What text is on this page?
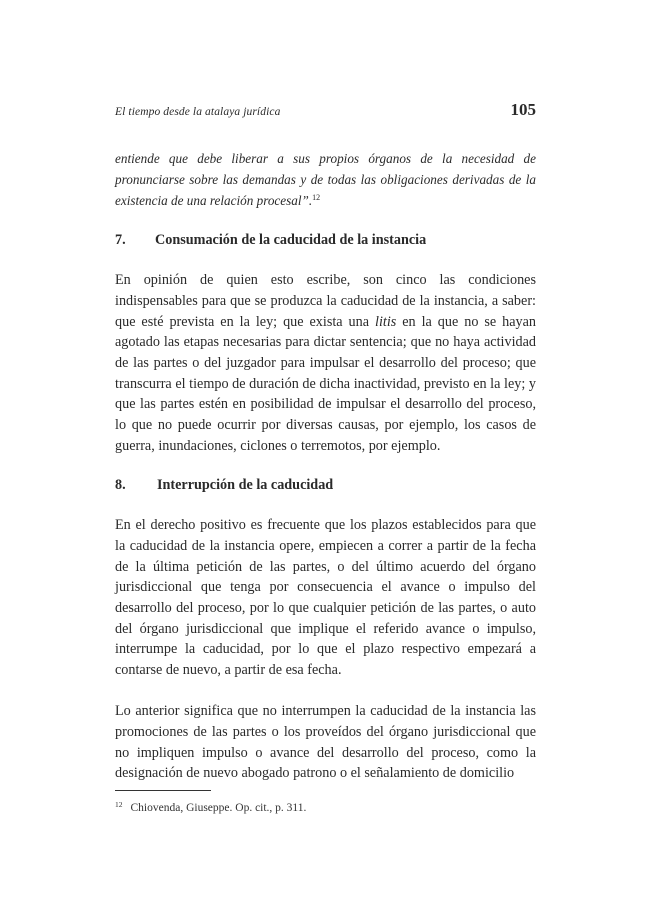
El tiempo desde la atalaya jurídica	105

entiende que debe liberar a sus propios órganos de la necesidad de pronunciarse sobre las demandas y de todas las obligaciones derivadas de la existencia de una relación procesal”.$^{12}$

7.	Consumación de la caducidad de la instancia

En opinión de quien esto escribe, son cinco las condiciones indispensables para que se produzca la caducidad de la instancia, a saber: que esté prevista en la ley; que exista una litis en la que no se hayan agotado las etapas necesarias para dictar sentencia; que no haya actividad de las partes o del juzgador para impulsar el desarrollo del proceso; que transcurra el tiempo de duración de dicha inactividad, previsto en la ley; y que las partes estén en posibilidad de impulsar el desarrollo del proceso, lo que no puede ocurrir por diversas causas, por ejemplo, los casos de guerra, inundaciones, ciclones o terremotos, por ejemplo.

8.	Interrupción de la caducidad

En el derecho positivo es frecuente que los plazos establecidos para que la caducidad de la instancia opere, empiecen a correr a partir de la fecha de la última petición de las partes, o del último acuerdo del órgano jurisdiccional que tenga por consecuencia el avance o impulso del desarrollo del proceso, por lo que cualquier petición de las partes, o auto del órgano jurisdiccional que implique el referido avance o impulso, interrumpe la caducidad, por lo que el plazo respectivo empezará a contarse de nuevo, a partir de esa fecha.

Lo anterior significa que no interrumpen la caducidad de la instancia las promociones de las partes o los proveídos del órgano jurisdiccional que no impliquen impulso o avance del desarrollo del proceso, como la designación de nuevo abogado patrono o el señalamiento de domicilio

$^{12}$ Chiovenda, Giuseppe. Op. cit., p. 311.
